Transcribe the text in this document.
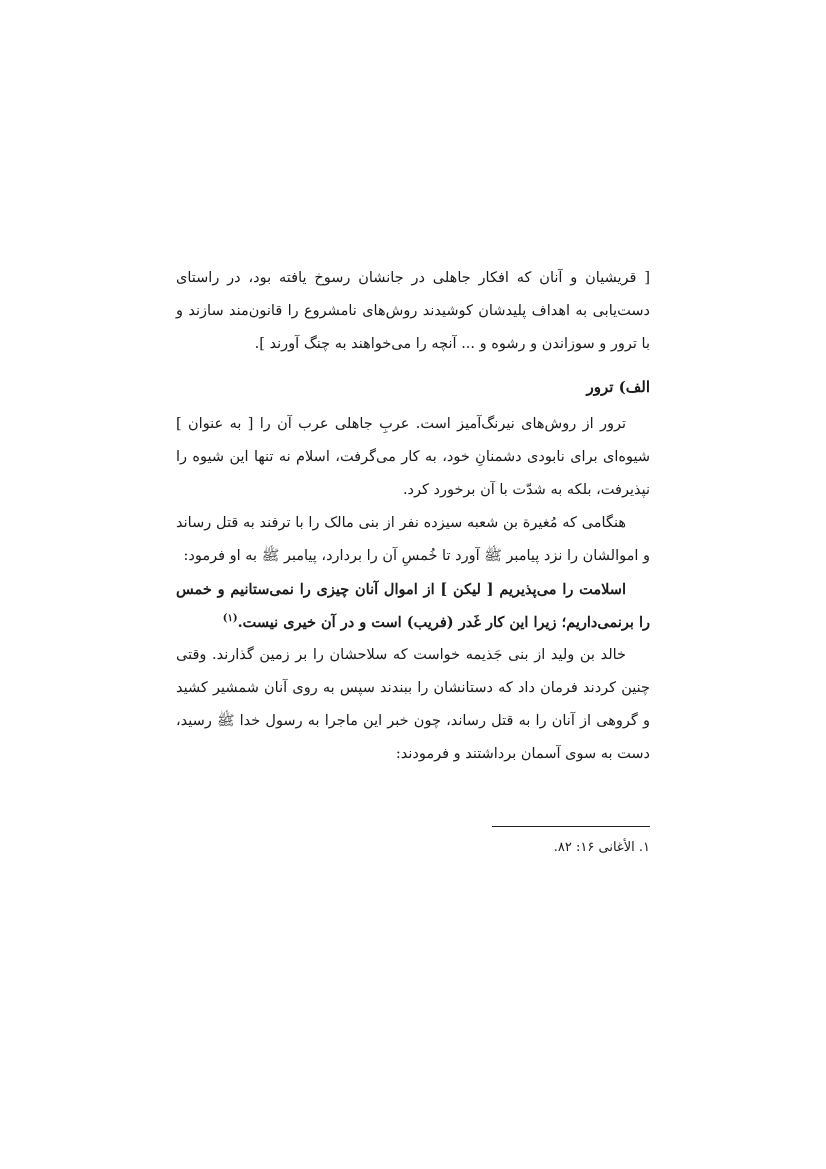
[ قریشیان و آنان که افکار جاهلی در جانشان رسوخ یافته بود، در راستای دست‌یابی به اهداف پلیدشان کوشیدند روش‌های نامشروع را قانون‌مند سازند و با ترور و سوزاندن و رشوه و ... آنچه را می‌خواهند به چنگ آورند ].

الف) ترور

ترور از روش‌های نیرنگ‌آمیز است. عربِ جاهلی عرب آن را [ به عنوان ] شیوه‌ای برای نابودی دشمنانِ خود، به کار می‌گرفت، اسلام نه تنها این شیوه را نپذیرفت، بلکه به شدّت با آن برخورد کرد.

هنگامی که مُغیرة بن شعبه سیزده نفر از بنی مالک را با ترفند به قتل رساند و اموالشان را نزد پیامبر ﷺ آورد تا خُمسِ آن را بردارد، پیامبر ﷺ به او فرمود:

اسلامت را می‌پذیریم [ لیکن ] از اموال آنان چیزی را نمی‌ستانیم و خمس را برنمی‌داریم؛ زیرا این کار غَدر (فریب) است و در آن خیری نیست.$^{(۱)}$

خالد بن ولید از بنی جَذیمه خواست که سلاحشان را بر زمین گذارند. وقتی چنین کردند فرمان داد که دستانشان را ببندند سپس به روی آنان شمشیر کشید و گروهی از آنان را به قتل رساند، چون خبر این ماجرا به رسول خدا ﷺ رسید، دست به سوی آسمان برداشتند و فرمودند:

۱. الأغانی ۱۶: ۸۲.
